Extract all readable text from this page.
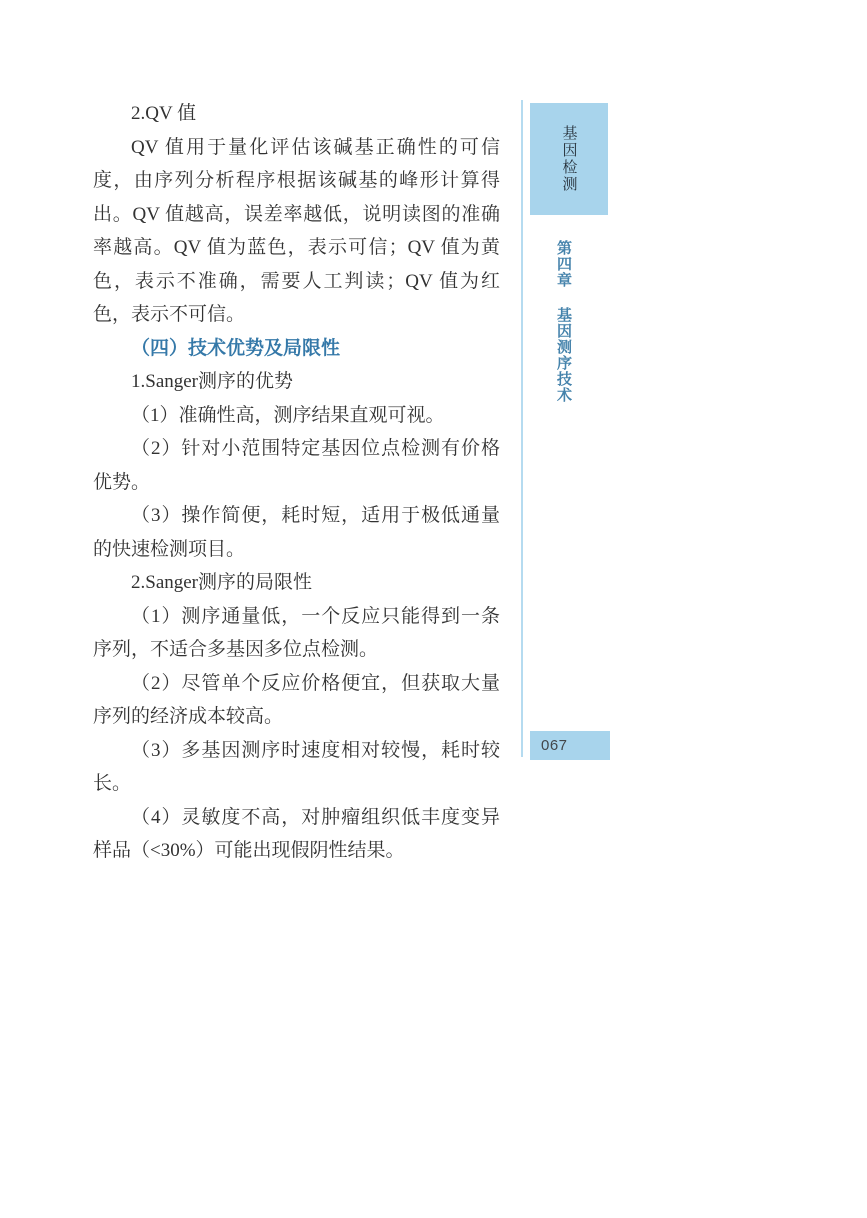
2.QV 值

QV 值用于量化评估该碱基正确性的可信度，由序列分析程序根据该碱基的峰形计算得出。QV 值越高，误差率越低，说明读图的准确率越高。QV 值为蓝色，表示可信；QV 值为黄色，表示不准确，需要人工判读；QV 值为红色，表示不可信。

（四）技术优势及局限性

1.Sanger测序的优势

（1）准确性高，测序结果直观可视。

（2）针对小范围特定基因位点检测有价格优势。

（3）操作简便，耗时短，适用于极低通量的快速检测项目。

2.Sanger测序的局限性

（1）测序通量低，一个反应只能得到一条序列，不适合多基因多位点检测。

（2）尽管单个反应价格便宜，但获取大量序列的经济成本较高。

（3）多基因测序时速度相对较慢，耗时较长。

（4）灵敏度不高，对肿瘤组织低丰度变异样品（<30%）可能出现假阴性结果。

基因检测
第四章 基因测序技术
067
